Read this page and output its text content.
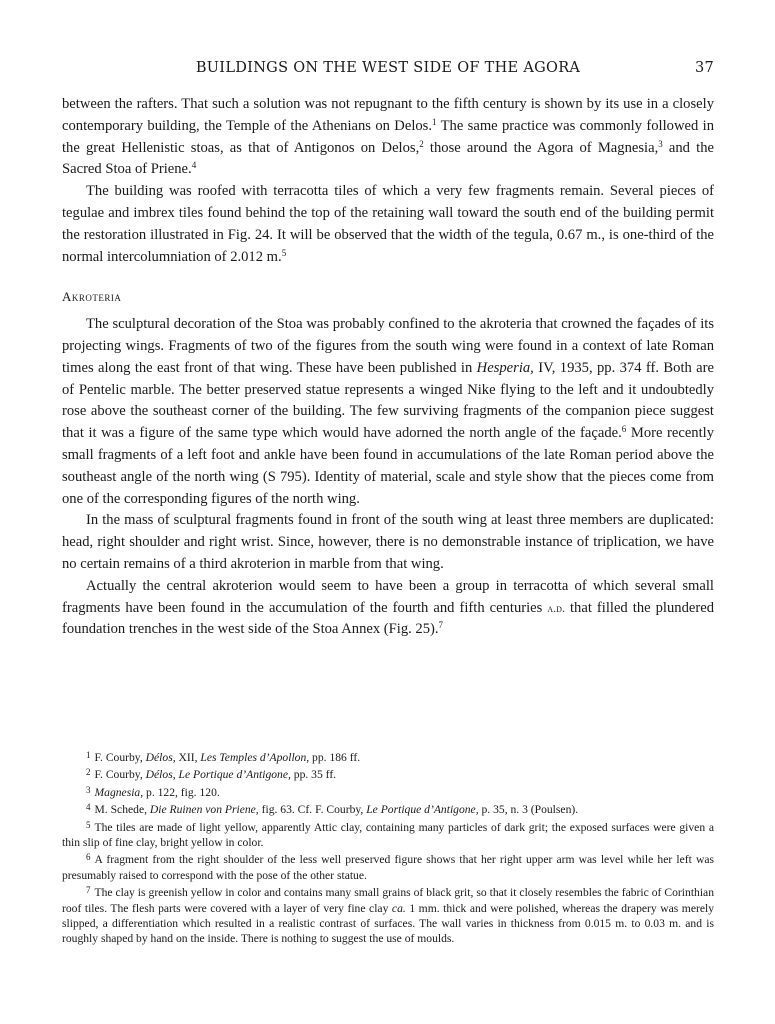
BUILDINGS ON THE WEST SIDE OF THE AGORA	37

between the rafters. That such a solution was not repugnant to the fifth century is shown by its use in a closely contemporary building, the Temple of the Athenians on Delos.$^1$ The same practice was commonly followed in the great Hellenistic stoas, as that of Antigonos on Delos,$^2$ those around the Agora of Magnesia,$^3$ and the Sacred Stoa of Priene.$^4$

The building was roofed with terracotta tiles of which a very few fragments remain. Several pieces of tegulae and imbrex tiles found behind the top of the retaining wall toward the south end of the building permit the restoration illustrated in Fig. 24. It will be observed that the width of the tegula, 0.67 m., is one-third of the normal intercolumniation of 2.012 m.$^5$

Akroteria

The sculptural decoration of the Stoa was probably confined to the akroteria that crowned the façades of its projecting wings. Fragments of two of the figures from the south wing were found in a context of late Roman times along the east front of that wing. These have been published in Hesperia, IV, 1935, pp. 374 ff. Both are of Pentelic marble. The better preserved statue represents a winged Nike flying to the left and it undoubtedly rose above the southeast corner of the building. The few surviving fragments of the companion piece suggest that it was a figure of the same type which would have adorned the north angle of the façade.$^6$ More recently small fragments of a left foot and ankle have been found in accumulations of the late Roman period above the southeast angle of the north wing (S 795). Identity of material, scale and style show that the pieces come from one of the corresponding figures of the north wing.

In the mass of sculptural fragments found in front of the south wing at least three members are duplicated: head, right shoulder and right wrist. Since, however, there is no demonstrable instance of triplication, we have no certain remains of a third akroterion in marble from that wing.

Actually the central akroterion would seem to have been a group in terracotta of which several small fragments have been found in the accumulation of the fourth and fifth centuries a.d. that filled the plundered foundation trenches in the west side of the Stoa Annex (Fig. 25).$^7$

$^1$ F. Courby, Délos, XII, Les Temples d’Apollon, pp. 186 ff.

$^2$ F. Courby, Délos, Le Portique d’Antigone, pp. 35 ff.

$^3$ Magnesia, p. 122, fig. 120.

$^4$ M. Schede, Die Ruinen von Priene, fig. 63. Cf. F. Courby, Le Portique d’Antigone, p. 35, n. 3 (Poulsen).

$^5$ The tiles are made of light yellow, apparently Attic clay, containing many particles of dark grit; the exposed surfaces were given a thin slip of fine clay, bright yellow in color.

$^6$ A fragment from the right shoulder of the less well preserved figure shows that her right upper arm was level while her left was presumably raised to correspond with the pose of the other statue.

$^7$ The clay is greenish yellow in color and contains many small grains of black grit, so that it closely resembles the fabric of Corinthian roof tiles. The flesh parts were covered with a layer of very fine clay ca. 1 mm. thick and were polished, whereas the drapery was merely slipped, a differentiation which resulted in a realistic contrast of surfaces. The wall varies in thickness from 0.015 m. to 0.03 m. and is roughly shaped by hand on the inside. There is nothing to suggest the use of moulds.
